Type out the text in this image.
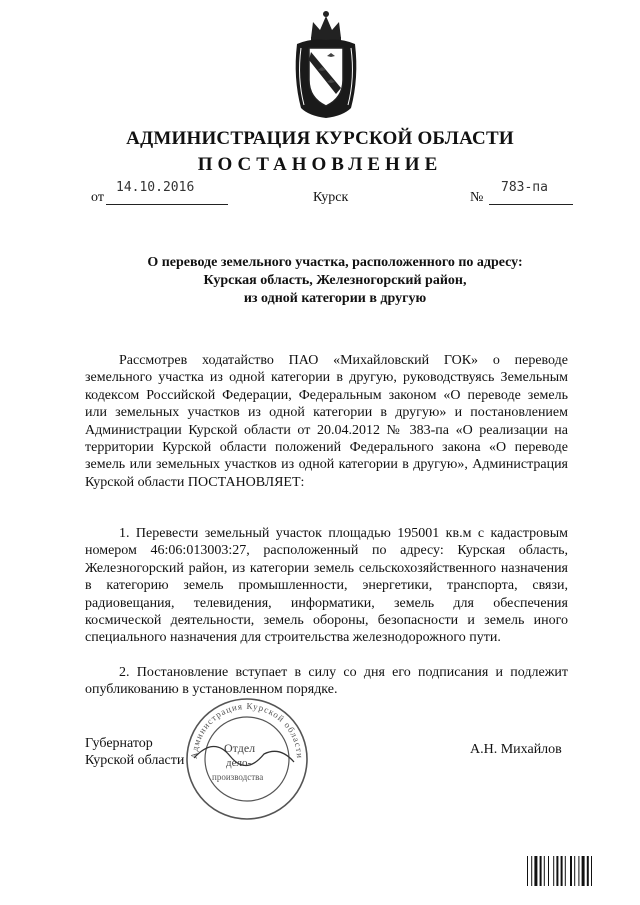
АДМИНИСТРАЦИЯ КУРСКОЙ ОБЛАСТИ
ПОСТАНОВЛЕНИЕ
от
14.10.2016
Курск	№
783-па
О переводе земельного участка, расположенного по адресу:
Курская область, Железногорский район,
из одной категории в другую

Рассмотрев ходатайство ПАО «Михайловский ГОК» о переводе земельного участка из одной категории в другую, руководствуясь Земельным кодексом Российской Федерации, Федеральным законом «О переводе земель или земельных участков из одной категории в другую» и постановлением Администрации Курской области от 20.04.2012 № 383-па «О реализации на территории Курской области положений Федерального закона «О переводе земель или земельных участков из одной категории в другую», Администрация Курской области ПОСТАНОВЛЯЕТ:

1. Перевести земельный участок площадью 195001 кв.м с кадастровым номером 46:06:013003:27, расположенный по адресу: Курская область, Железногорский район, из категории земель сельскохозяйственного назначения в категорию земель промышленности, энергетики, транспорта, связи, радиовещания, телевидения, информатики, земель для обеспечения космической деятельности, земель обороны, безопасности и земель иного специального назначения для строительства железнодорожного пути.

2. Постановление вступает в силу со дня его подписания и подлежит опубликованию в установленном порядке.

Губернатор
Курской области Администрация Курской области
Отдел
дело-
производства
А.Н. Михайлов
